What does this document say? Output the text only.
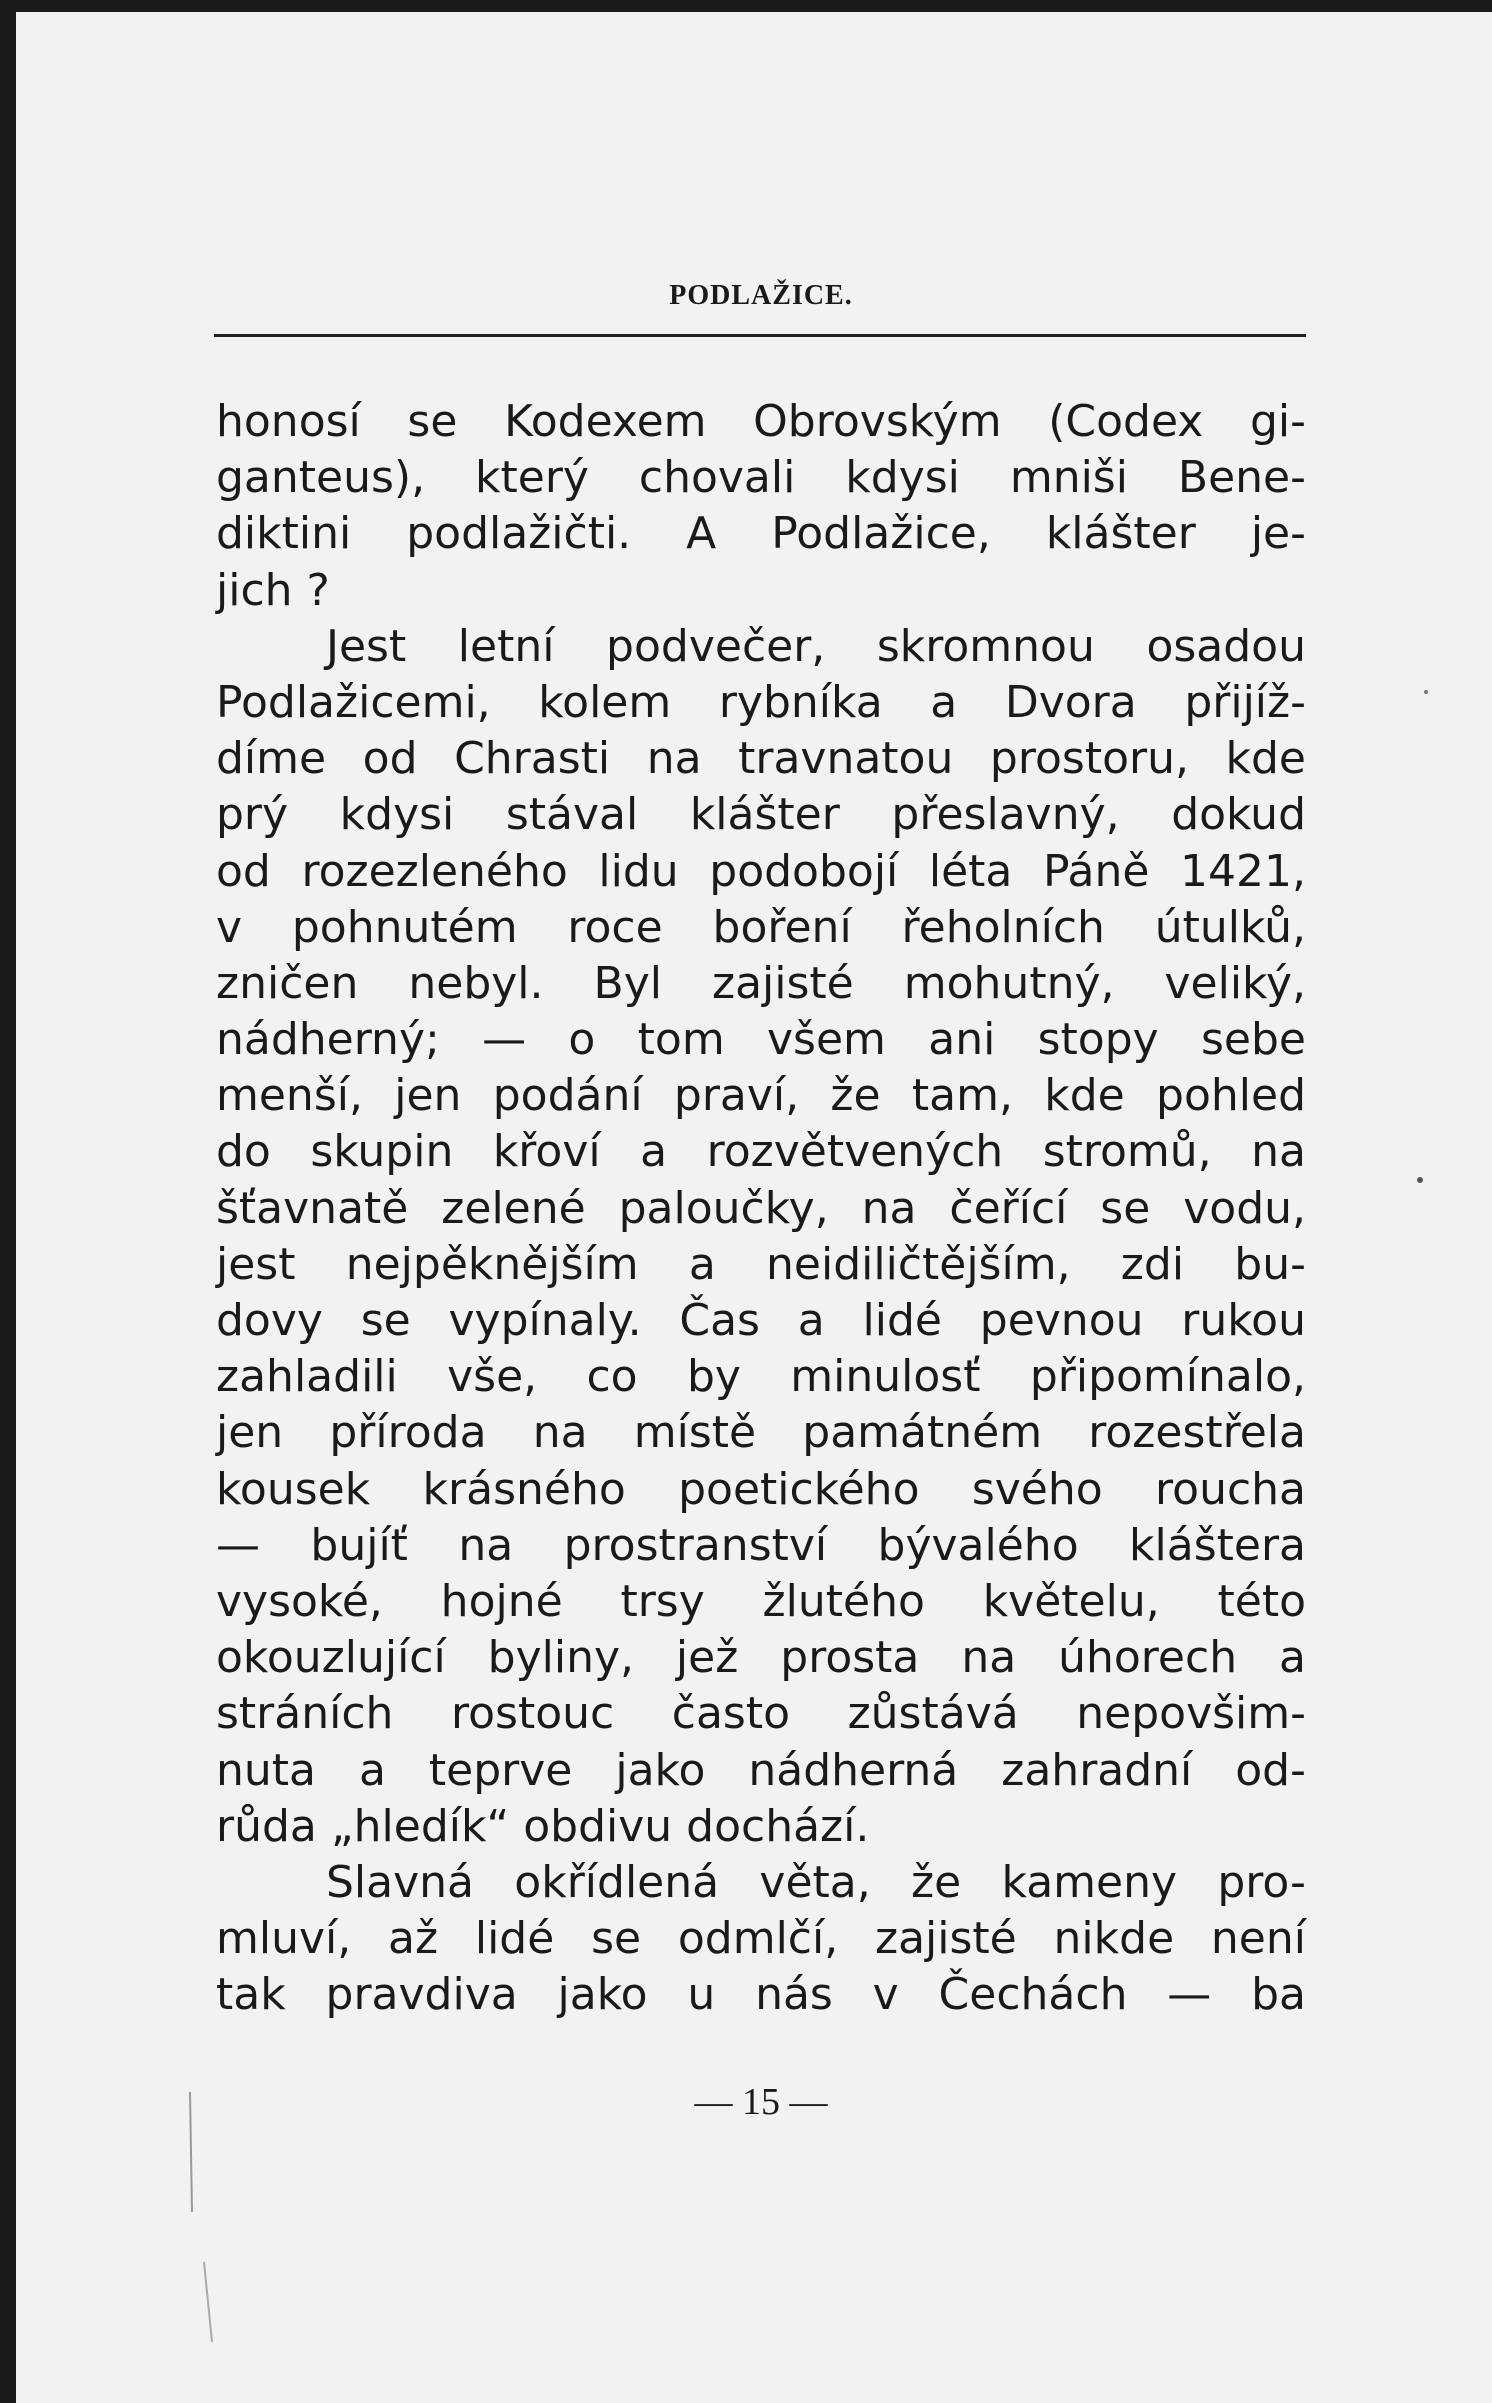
PODLAŽICE.
honosí se Kodexem Obrovským (Codex gi-
ganteus), který chovali kdysi mniši Bene-
diktini podlažičti. A Podlažice, klášter je-
jich ?
Jest letní podvečer, skromnou osadou
Podlažicemi, kolem rybníka a Dvora přijíž-
díme od Chrasti na travnatou prostoru, kde
prý kdysi stával klášter přeslavný, dokud
od rozezleného lidu podobojí léta Páně 1421,
v pohnutém roce boření řeholních útulků,
zničen nebyl. Byl zajisté mohutný, veliký,
nádherný; — o tom všem ani stopy sebe
menší, jen podání praví, že tam, kde pohled
do skupin křoví a rozvětvených stromů, na
šťavnatě zelené paloučky, na čeřící se vodu,
jest nejpěknějším a neidiličtějším, zdi bu-
dovy se vypínaly. Čas a lidé pevnou rukou
zahladili vše, co by minulosť připomínalo,
jen příroda na místě památném rozestřela
kousek krásného poetického svého roucha
— bujíť na prostranství bývalého kláštera
vysoké, hojné trsy žlutého květelu, této
okouzlující byliny, jež prosta na úhorech a
stráních rostouc často zůstává nepovšim-
nuta a teprve jako nádherná zahradní od-
růda „hledík“ obdivu dochází.
Slavná okřídlená věta, že kameny pro-
mluví, až lidé se odmlčí, zajisté nikde není
tak pravdiva jako u nás v Čechách — ba
— 15 —
